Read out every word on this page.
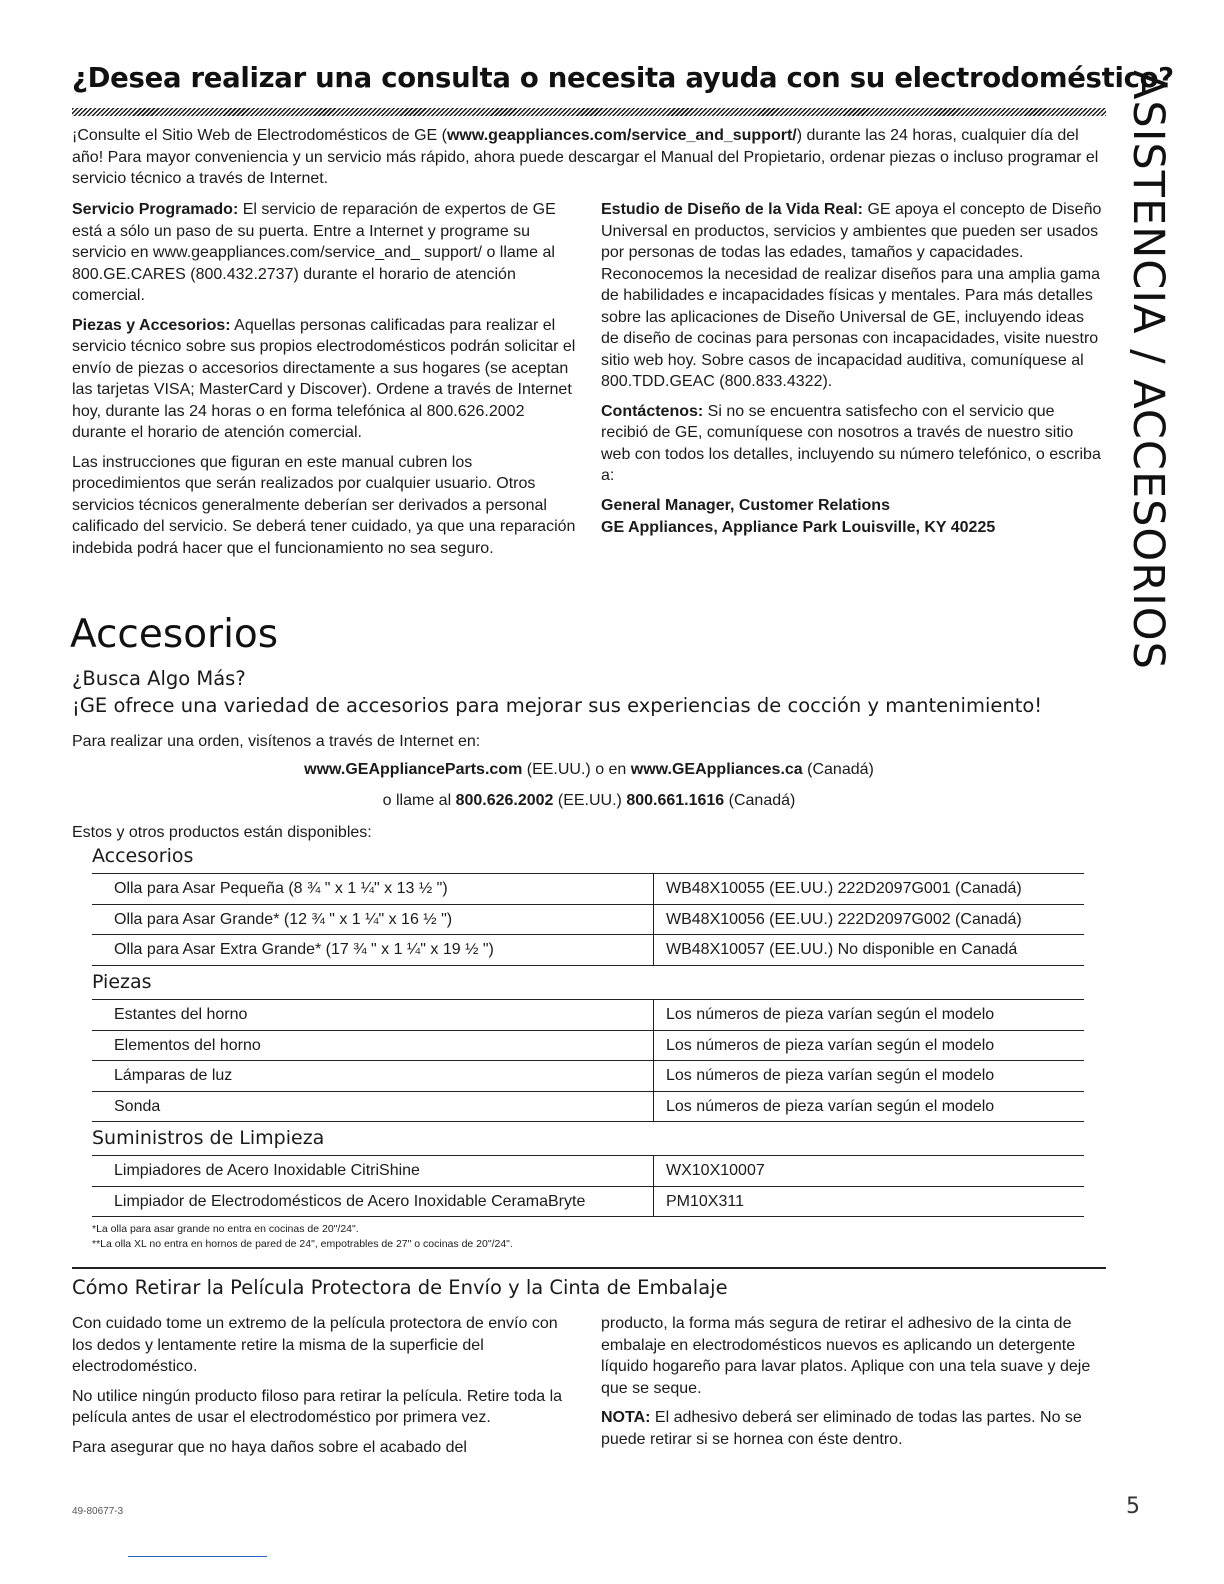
¿Desea realizar una consulta o necesita ayuda con su electrodoméstico?
ASISTENCIA / ACCESORIOS

¡Consulte el Sitio Web de Electrodomésticos de GE (www.geappliances.com/service_and_support/) durante las 24 horas, cualquier día del año! Para mayor conveniencia y un servicio más rápido, ahora puede descargar el Manual del Propietario, ordenar piezas o incluso programar el servicio técnico a través de Internet.

Servicio Programado: El servicio de reparación de expertos de GE está a sólo un paso de su puerta. Entre a Internet y programe su servicio en www.geappliances.com/service_and_ support/ o llame al 800.GE.CARES (800.432.2737) durante el horario de atención comercial.

Piezas y Accesorios: Aquellas personas calificadas para realizar el servicio técnico sobre sus propios electrodomésticos podrán solicitar el envío de piezas o accesorios directamente a sus hogares (se aceptan las tarjetas VISA; MasterCard y Discover). Ordene a través de Internet hoy, durante las 24 horas o en forma telefónica al 800.626.2002 durante el horario de atención comercial.

Las instrucciones que figuran en este manual cubren los procedimientos que serán realizados por cualquier usuario. Otros servicios técnicos generalmente deberían ser derivados a personal calificado del servicio. Se deberá tener cuidado, ya que una reparación indebida podrá hacer que el funcionamiento no sea seguro.

Estudio de Diseño de la Vida Real: GE apoya el concepto de Diseño Universal en productos, servicios y ambientes que pueden ser usados por personas de todas las edades, tamaños y capacidades. Reconocemos la necesidad de realizar diseños para una amplia gama de habilidades e incapacidades físicas y mentales. Para más detalles sobre las aplicaciones de Diseño Universal de GE, incluyendo ideas de diseño de cocinas para personas con incapacidades, visite nuestro sitio web hoy. Sobre casos de incapacidad auditiva, comuníquese al 800.TDD.GEAC (800.833.4322).

Contáctenos: Si no se encuentra satisfecho con el servicio que recibió de GE, comuníquese con nosotros a través de nuestro sitio web con todos los detalles, incluyendo su número telefónico, o escriba a:

General Manager, Customer Relations

GE Appliances, Appliance Park Louisville, KY 40225

Accesorios
¿Busca Algo Más?
¡GE ofrece una variedad de accesorios para mejorar sus experiencias de cocción y mantenimiento!

Para realizar una orden, visítenos a través de Internet en:

www.GEApplianceParts.com (EE.UU.) o en www.GEAppliances.ca (Canadá)
o llame al 800.626.2002 (EE.UU.) 800.661.1616 (Canadá)

Estos y otros productos están disponibles:

Accesorios
Olla para Asar Pequeña (8 ¾ " x 1 ¼" x 13 ½ ")	WB48X10055 (EE.UU.) 222D2097G001 (Canadá)
Olla para Asar Grande* (12 ¾ " x 1 ¼" x 16 ½ ")	WB48X10056 (EE.UU.) 222D2097G002 (Canadá)
Olla para Asar Extra Grande* (17 ¾ " x 1 ¼" x 19 ½ ")	WB48X10057 (EE.UU.) No disponible en Canadá
Piezas
Estantes del horno	Los números de pieza varían según el modelo
Elementos del horno	Los números de pieza varían según el modelo
Lámparas de luz	Los números de pieza varían según el modelo
Sonda	Los números de pieza varían según el modelo
Suministros de Limpieza
Limpiadores de Acero Inoxidable CitriShine	WX10X10007
Limpiador de Electrodomésticos de Acero Inoxidable CeramaBryte	PM10X311
*La olla para asar grande no entra en cocinas de 20"/24".
**La olla XL no entra en hornos de pared de 24", empotrables de 27" o cocinas de 20"/24".
Cómo Retirar la Película Protectora de Envío y la Cinta de Embalaje

Con cuidado tome un extremo de la película protectora de envío con los dedos y lentamente retire la misma de la superficie del electrodoméstico.

No utilice ningún producto filoso para retirar la película. Retire toda la película antes de usar el electrodoméstico por primera vez.

Para asegurar que no haya daños sobre el acabado del

producto, la forma más segura de retirar el adhesivo de la cinta de embalaje en electrodomésticos nuevos es aplicando un detergente líquido hogareño para lavar platos. Aplique con una tela suave y deje que se seque.

NOTA: El adhesivo deberá ser eliminado de todas las partes. No se puede retirar si se hornea con éste dentro.

49-80677-3	5
